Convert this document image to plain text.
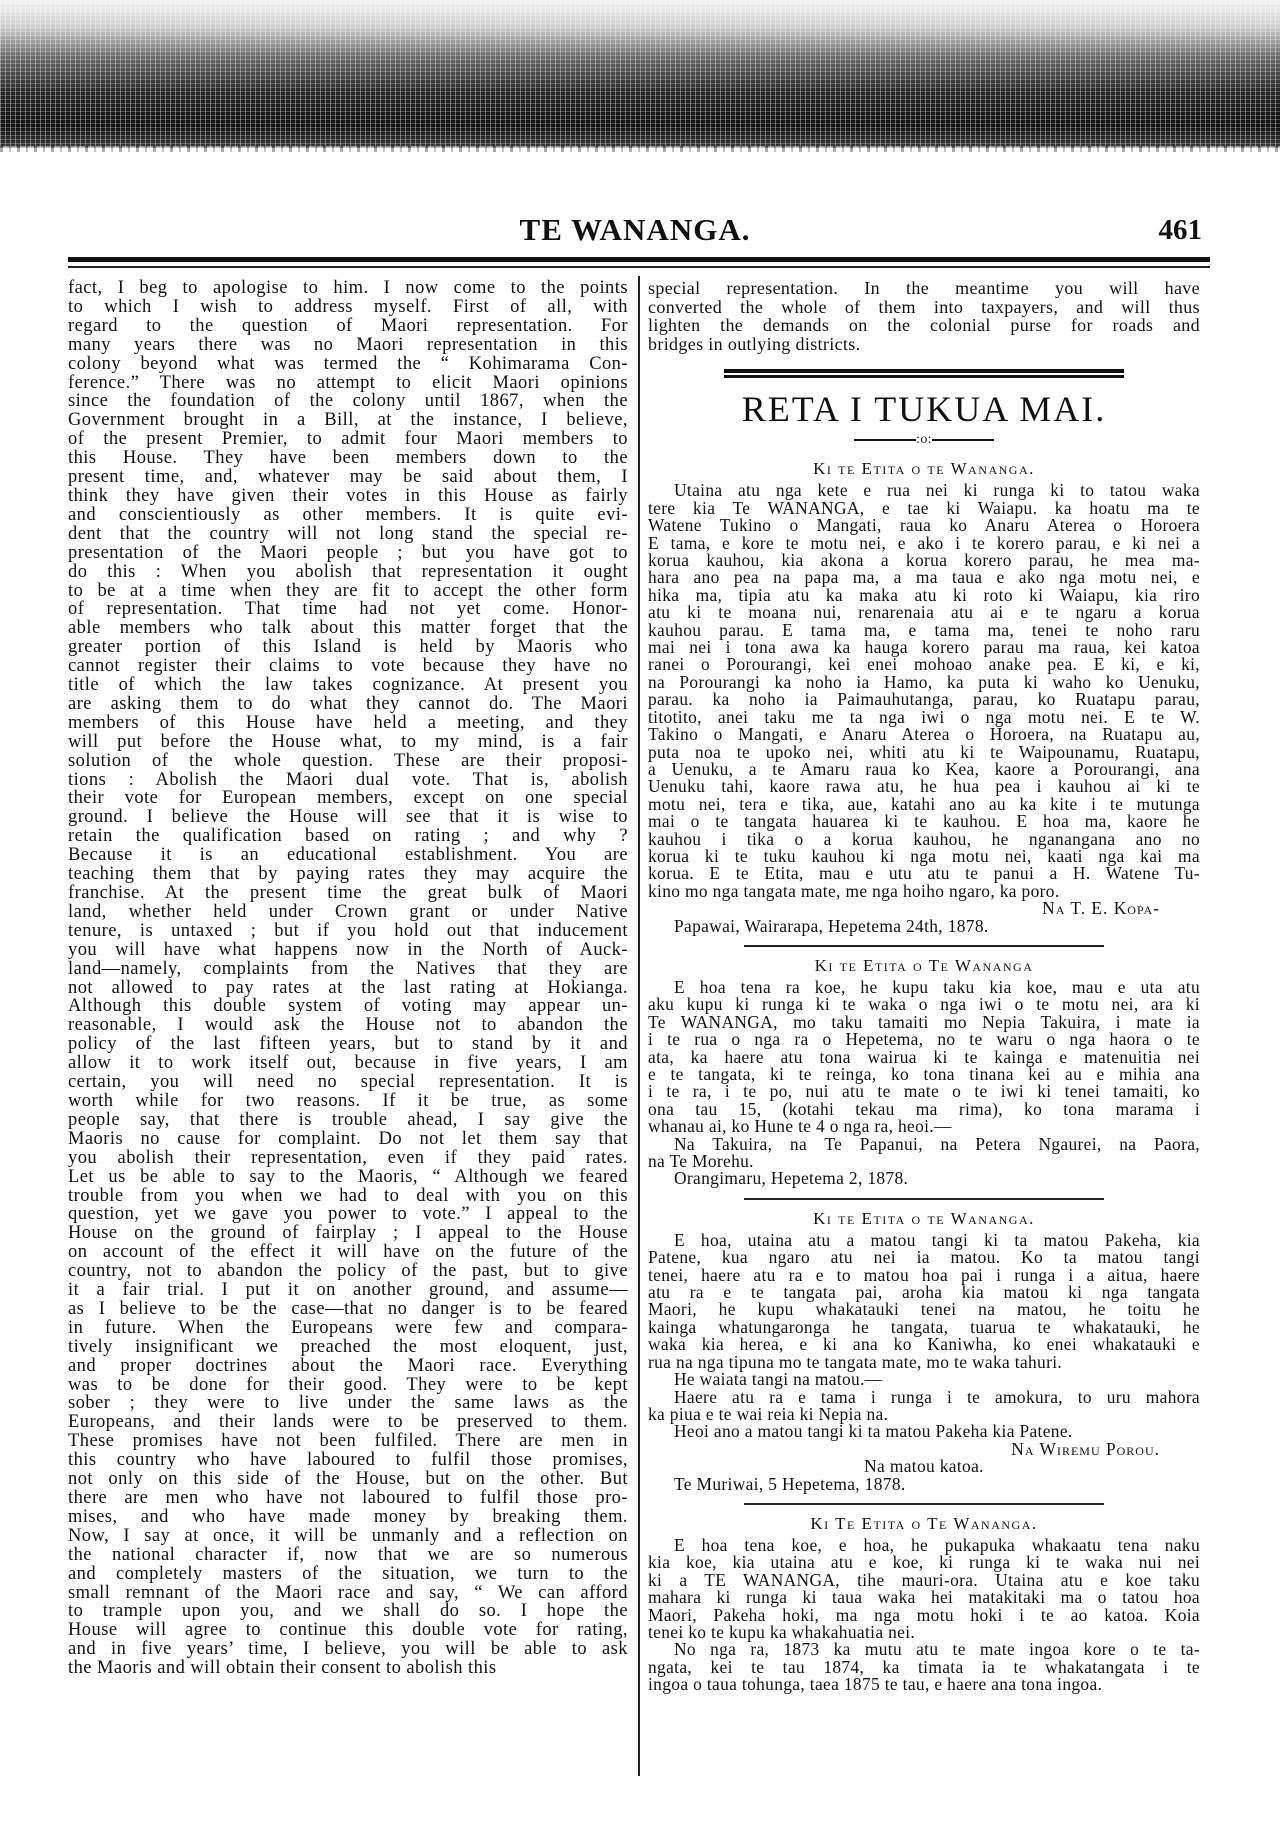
TE WANANGA.	461
fact, I beg to apologise to him. I now come to the points
to which I wish to address myself. First of all, with
regard to the question of Maori representation. For
many years there was no Maori representation in this
colony beyond what was termed the “ Kohimarama Con-
ference.” There was no attempt to elicit Maori opinions
since the foundation of the colony until 1867, when the
Government brought in a Bill, at the instance, I believe,
of the present Premier, to admit four Maori members to
this House. They have been members down to the
present time, and, whatever may be said about them, I
think they have given their votes in this House as fairly
and conscientiously as other members. It is quite evi-
dent that the country will not long stand the special re-
presentation of the Maori people ; but you have got to
do this : When you abolish that representation it ought
to be at a time when they are fit to accept the other form
of representation. That time had not yet come. Honor-
able members who talk about this matter forget that the
greater portion of this Island is held by Maoris who
cannot register their claims to vote because they have no
title of which the law takes cognizance. At present you
are asking them to do what they cannot do. The Maori
members of this House have held a meeting, and they
will put before the House what, to my mind, is a fair
solution of the whole question. These are their proposi-
tions : Abolish the Maori dual vote. That is, abolish
their vote for European members, except on one special
ground. I believe the House will see that it is wise to
retain the qualification based on rating ; and why ?
Because it is an educational establishment. You are
teaching them that by paying rates they may acquire the
franchise. At the present time the great bulk of Maori
land, whether held under Crown grant or under Native
tenure, is untaxed ; but if you hold out that inducement
you will have what happens now in the North of Auck-
land—namely, complaints from the Natives that they are
not allowed to pay rates at the last rating at Hokianga.
Although this double system of voting may appear un-
reasonable, I would ask the House not to abandon the
policy of the last fifteen years, but to stand by it and
allow it to work itself out, because in five years, I am
certain, you will need no special representation. It is
worth while for two reasons. If it be true, as some
people say, that there is trouble ahead, I say give the
Maoris no cause for complaint. Do not let them say that
you abolish their representation, even if they paid rates.
Let us be able to say to the Maoris, “ Although we feared
trouble from you when we had to deal with you on this
question, yet we gave you power to vote.” I appeal to the
House on the ground of fairplay ; I appeal to the House
on account of the effect it will have on the future of the
country, not to abandon the policy of the past, but to give
it a fair trial. I put it on another ground, and assume—
as I believe to be the case—that no danger is to be feared
in future. When the Europeans were few and compara-
tively insignificant we preached the most eloquent, just,
and proper doctrines about the Maori race. Everything
was to be done for their good. They were to be kept
sober ; they were to live under the same laws as the
Europeans, and their lands were to be preserved to them.
These promises have not been fulfiled. There are men in
this country who have laboured to fulfil those promises,
not only on this side of the House, but on the other. But
there are men who have not laboured to fulfil those pro-
mises, and who have made money by breaking them.
Now, I say at once, it will be unmanly and a reflection on
the national character if, now that we are so numerous
and completely masters of the situation, we turn to the
small remnant of the Maori race and say, “ We can afford
to trample upon you, and we shall do so. I hope the
House will agree to continue this double vote for rating,
and in five years’ time, I believe, you will be able to ask
the Maoris and will obtain their consent to abolish this
special representation. In the meantime you will have
converted the whole of them into taxpayers, and will thus
lighten the demands on the colonial purse for roads and
bridges in outlying districts.
RETA I TUKUA MAI.
:o:
Ki te Etita o te Wananga.
Utaina atu nga kete e rua nei ki runga ki to tatou waka
tere kia Te WANANGA, e tae ki Waiapu. ka hoatu ma te
Watene Tukino o Mangati, raua ko Anaru Aterea o Horoera
E tama, e kore te motu nei, e ako i te korero parau, e ki nei a
korua kauhou, kia akona a korua korero parau, he mea ma-
hara ano pea na papa ma, a ma taua e ako nga motu nei, e
hika ma, tipia atu ka maka atu ki roto ki Waiapu, kia riro
atu ki te moana nui, renarenaia atu ai e te ngaru a korua
kauhou parau. E tama ma, e tama ma, tenei te noho raru
mai nei i tona awa ka hauga korero parau ma raua, kei katoa
ranei o Porourangi, kei enei mohoao anake pea. E ki, e ki,
na Porourangi ka noho ia Hamo, ka puta ki waho ko Uenuku,
parau. ka noho ia Paimauhutanga, parau, ko Ruatapu parau,
titotito, anei taku me ta nga iwi o nga motu nei. E te W.
Takino o Mangati, e Anaru Aterea o Horoera, na Ruatapu au,
puta noa te upoko nei, whiti atu ki te Waipounamu, Ruatapu,
a Uenuku, a te Amaru raua ko Kea, kaore a Porourangi, ana
Uenuku tahi, kaore rawa atu, he hua pea i kauhou ai ki te
motu nei, tera e tika, aue, katahi ano au ka kite i te mutunga
mai o te tangata hauarea ki te kauhou. E hoa ma, kaore he
kauhou i tika o a korua kauhou, he nganangana ano no
korua ki te tuku kauhou ki nga motu nei, kaati nga kai ma
korua. E te Etita, mau e utu atu te panui a H. Watene Tu-
kino mo nga tangata mate, me nga hoiho ngaro, ka poro.
Na T. E. Kopa-
Papawai, Wairarapa, Hepetema 24th, 1878.
Ki te Etita o Te Wananga
E hoa tena ra koe, he kupu taku kia koe, mau e uta atu
aku kupu ki runga ki te waka o nga iwi o te motu nei, ara ki
Te WANANGA, mo taku tamaiti mo Nepia Takuira, i mate ia
i te rua o nga ra o Hepetema, no te waru o nga haora o te
ata, ka haere atu tona wairua ki te kainga e matenuitia nei
e te tangata, ki te reinga, ko tona tinana kei au e mihia ana
i te ra, i te po, nui atu te mate o te iwi ki tenei tamaiti, ko
ona tau 15, (kotahi tekau ma rima), ko tona marama i
whanau ai, ko Hune te 4 o nga ra, heoi.—
Na Takuira, na Te Papanui, na Petera Ngaurei, na Paora,
na Te Morehu.
Orangimaru, Hepetema 2, 1878.
Ki te Etita o te Wananga.
E hoa, utaina atu a matou tangi ki ta matou Pakeha, kia
Patene, kua ngaro atu nei ia matou. Ko ta matou tangi
tenei, haere atu ra e to matou hoa pai i runga i a aitua, haere
atu ra e te tangata pai, aroha kia matou ki nga tangata
Maori, he kupu whakatauki tenei na matou, he toitu he
kainga whatungaronga he tangata, tuarua te whakatauki, he
waka kia herea, e ki ana ko Kaniwha, ko enei whakatauki e
rua na nga tipuna mo te tangata mate, mo te waka tahuri.
He waiata tangi na matou.—
Haere atu ra e tama i runga i te amokura, to uru mahora
ka piua e te wai reia ki Nepia na.
Heoi ano a matou tangi ki ta matou Pakeha kia Patene.
Na Wiremu Porou.
Na matou katoa.
Te Muriwai, 5 Hepetema, 1878.
Ki Te Etita o Te Wananga.
E hoa tena koe, e hoa, he pukapuka whakaatu tena naku
kia koe, kia utaina atu e koe, ki runga ki te waka nui nei
ki a TE WANANGA, tihe mauri-ora. Utaina atu e koe taku
mahara ki runga ki taua waka hei matakitaki ma o tatou hoa
Maori, Pakeha hoki, ma nga motu hoki i te ao katoa. Koia
tenei ko te kupu ka whakahuatia nei.
No nga ra, 1873 ka mutu atu te mate ingoa kore o te ta-
ngata, kei te tau 1874, ka timata ia te whakatangata i te
ingoa o taua tohunga, taea 1875 te tau, e haere ana tona ingoa.
